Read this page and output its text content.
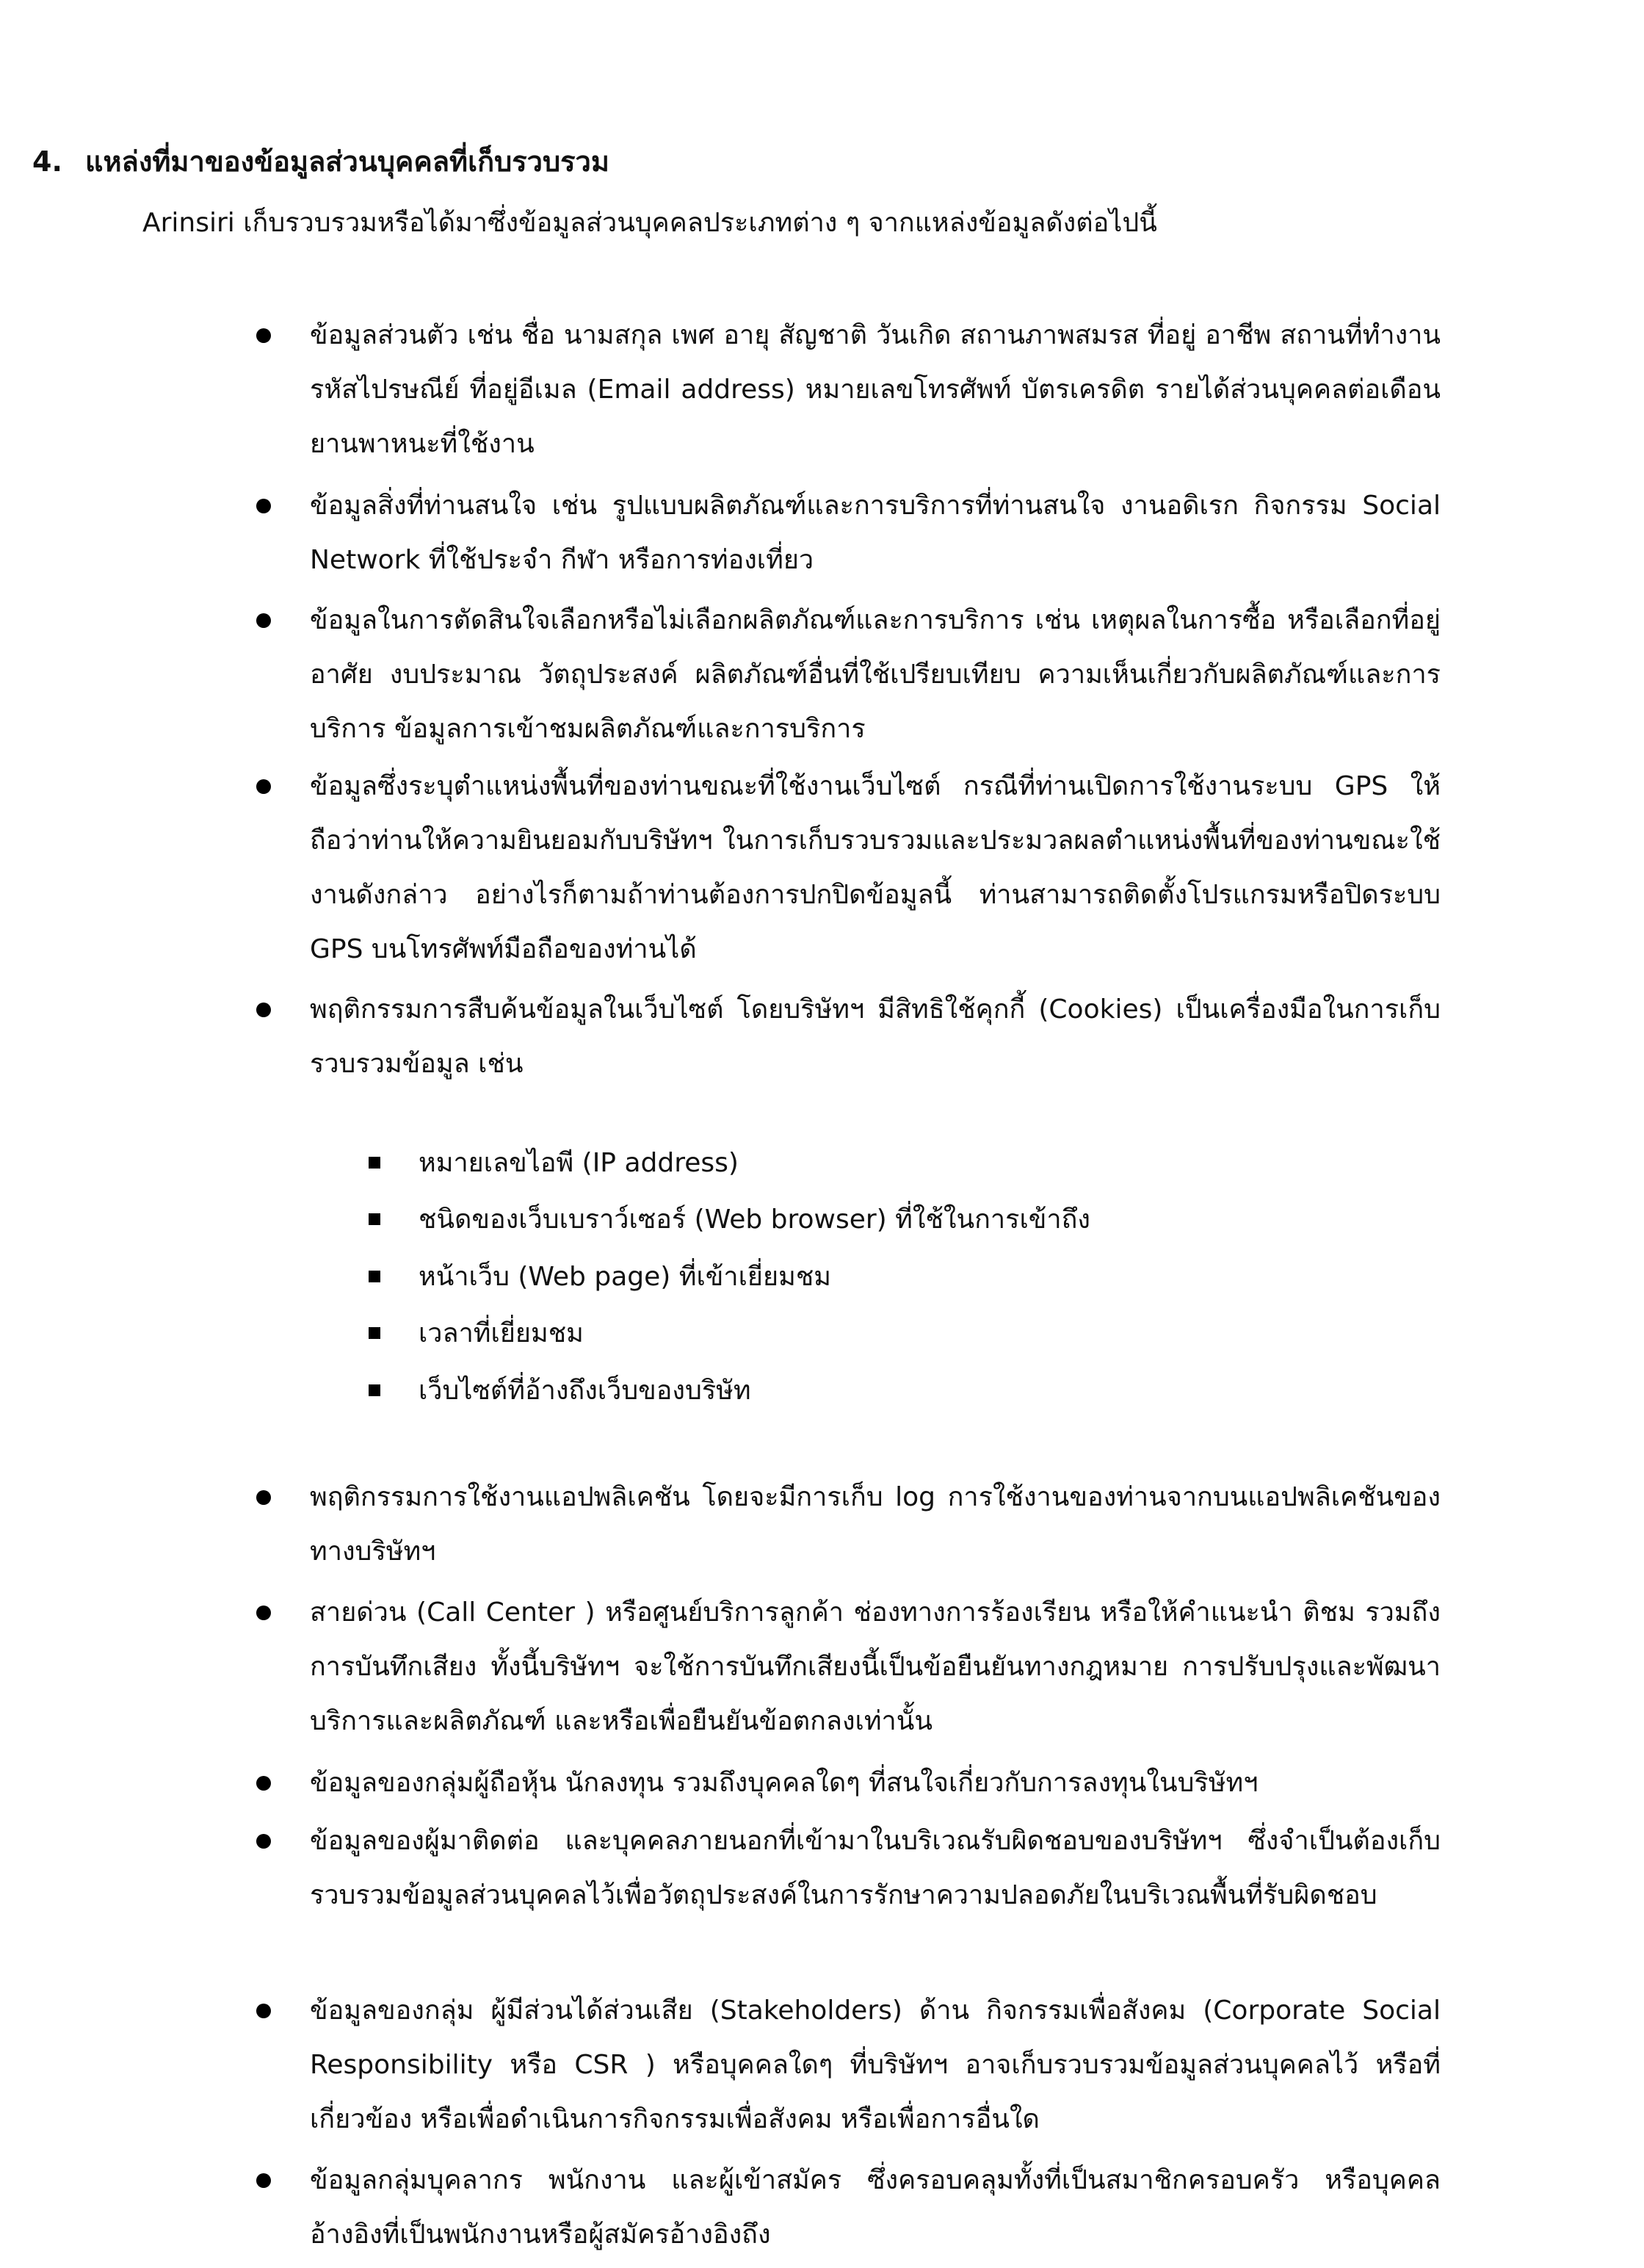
4. แหล่งที่มาของข้อมูลส่วนบุคคลที่เก็บรวบรวม
Arinsiri เก็บรวบรวมหรือได้มาซึ่งข้อมูลส่วนบุคคลประเภทต่าง ๆ จากแหล่งข้อมูลดังต่อไปนี้
ข้อมูลส่วนตัว เช่น ชื่อ นามสกุล เพศ อายุ สัญชาติ วันเกิด สถานภาพสมรส ที่อยู่ อาชีพ สถานที่ทำงาน รหัสไปรษณีย์ ที่อยู่อีเมล (Email address) หมายเลขโทรศัพท์ บัตรเครดิต รายได้ส่วนบุคคลต่อเดือน ยานพาหนะที่ใช้งาน
ข้อมูลสิ่งที่ท่านสนใจ เช่น รูปแบบผลิตภัณฑ์และการบริการที่ท่านสนใจ งานอดิเรก กิจกรรม Social Network ที่ใช้ประจำ กีฬา หรือการท่องเที่ยว
ข้อมูลในการตัดสินใจเลือกหรือไม่เลือกผลิตภัณฑ์และการบริการ เช่น เหตุผลในการซื้อ หรือเลือกที่อยู่อาศัย งบประมาณ วัตถุประสงค์ ผลิตภัณฑ์อื่นที่ใช้เปรียบเทียบ ความเห็นเกี่ยวกับผลิตภัณฑ์และการบริการ ข้อมูลการเข้าชมผลิตภัณฑ์และการบริการ
ข้อมูลซึ่งระบุตำแหน่งพื้นที่ของท่านขณะที่ใช้งานเว็บไซต์ กรณีที่ท่านเปิดการใช้งานระบบ GPS ให้ถือว่าท่านให้ความยินยอมกับบริษัทฯ ในการเก็บรวบรวมและประมวลผลตำแหน่งพื้นที่ของท่านขณะใช้งานดังกล่าว อย่างไรก็ตามถ้าท่านต้องการปกปิดข้อมูลนี้ ท่านสามารถติดตั้งโปรแกรมหรือปิดระบบ GPS บนโทรศัพท์มือถือของท่านได้
พฤติกรรมการสืบค้นข้อมูลในเว็บไซต์ โดยบริษัทฯ มีสิทธิใช้คุกกี้ (Cookies) เป็นเครื่องมือในการเก็บรวบรวมข้อมูล เช่น
หมายเลขไอพี (IP address)
ชนิดของเว็บเบราว์เซอร์ (Web browser) ที่ใช้ในการเข้าถึง
หน้าเว็บ (Web page) ที่เข้าเยี่ยมชม
เวลาที่เยี่ยมชม
เว็บไซต์ที่อ้างถึงเว็บของบริษัท
พฤติกรรมการใช้งานแอปพลิเคชัน โดยจะมีการเก็บ log การใช้งานของท่านจากบนแอปพลิเคชันของทางบริษัทฯ
สายด่วน (Call Center ) หรือศูนย์บริการลูกค้า ช่องทางการร้องเรียน หรือให้คำแนะนำ ติชม รวมถึงการบันทึกเสียง ทั้งนี้บริษัทฯ จะใช้การบันทึกเสียงนี้เป็นข้อยืนยันทางกฎหมาย การปรับปรุงและพัฒนาบริการและผลิตภัณฑ์ และหรือเพื่อยืนยันข้อตกลงเท่านั้น
ข้อมูลของกลุ่มผู้ถือหุ้น นักลงทุน รวมถึงบุคคลใดๆ ที่สนใจเกี่ยวกับการลงทุนในบริษัทฯ
ข้อมูลของผู้มาติดต่อ และบุคคลภายนอกที่เข้ามาในบริเวณรับผิดชอบของบริษัทฯ ซึ่งจำเป็นต้องเก็บรวบรวมข้อมูลส่วนบุคคลไว้เพื่อวัตถุประสงค์ในการรักษาความปลอดภัยในบริเวณพื้นที่รับผิดชอบ
ข้อมูลของกลุ่ม ผู้มีส่วนได้ส่วนเสีย (Stakeholders) ด้าน กิจกรรมเพื่อสังคม (Corporate Social Responsibility หรือ CSR ) หรือบุคคลใดๆ ที่บริษัทฯ อาจเก็บรวบรวมข้อมูลส่วนบุคคลไว้ หรือที่เกี่ยวข้อง หรือเพื่อดำเนินการกิจกรรมเพื่อสังคม หรือเพื่อการอื่นใด
ข้อมูลกลุ่มบุคลากร พนักงาน และผู้เข้าสมัคร ซึ่งครอบคลุมทั้งที่เป็นสมาชิกครอบครัว หรือบุคคลอ้างอิงที่เป็นพนักงานหรือผู้สมัครอ้างอิงถึง
